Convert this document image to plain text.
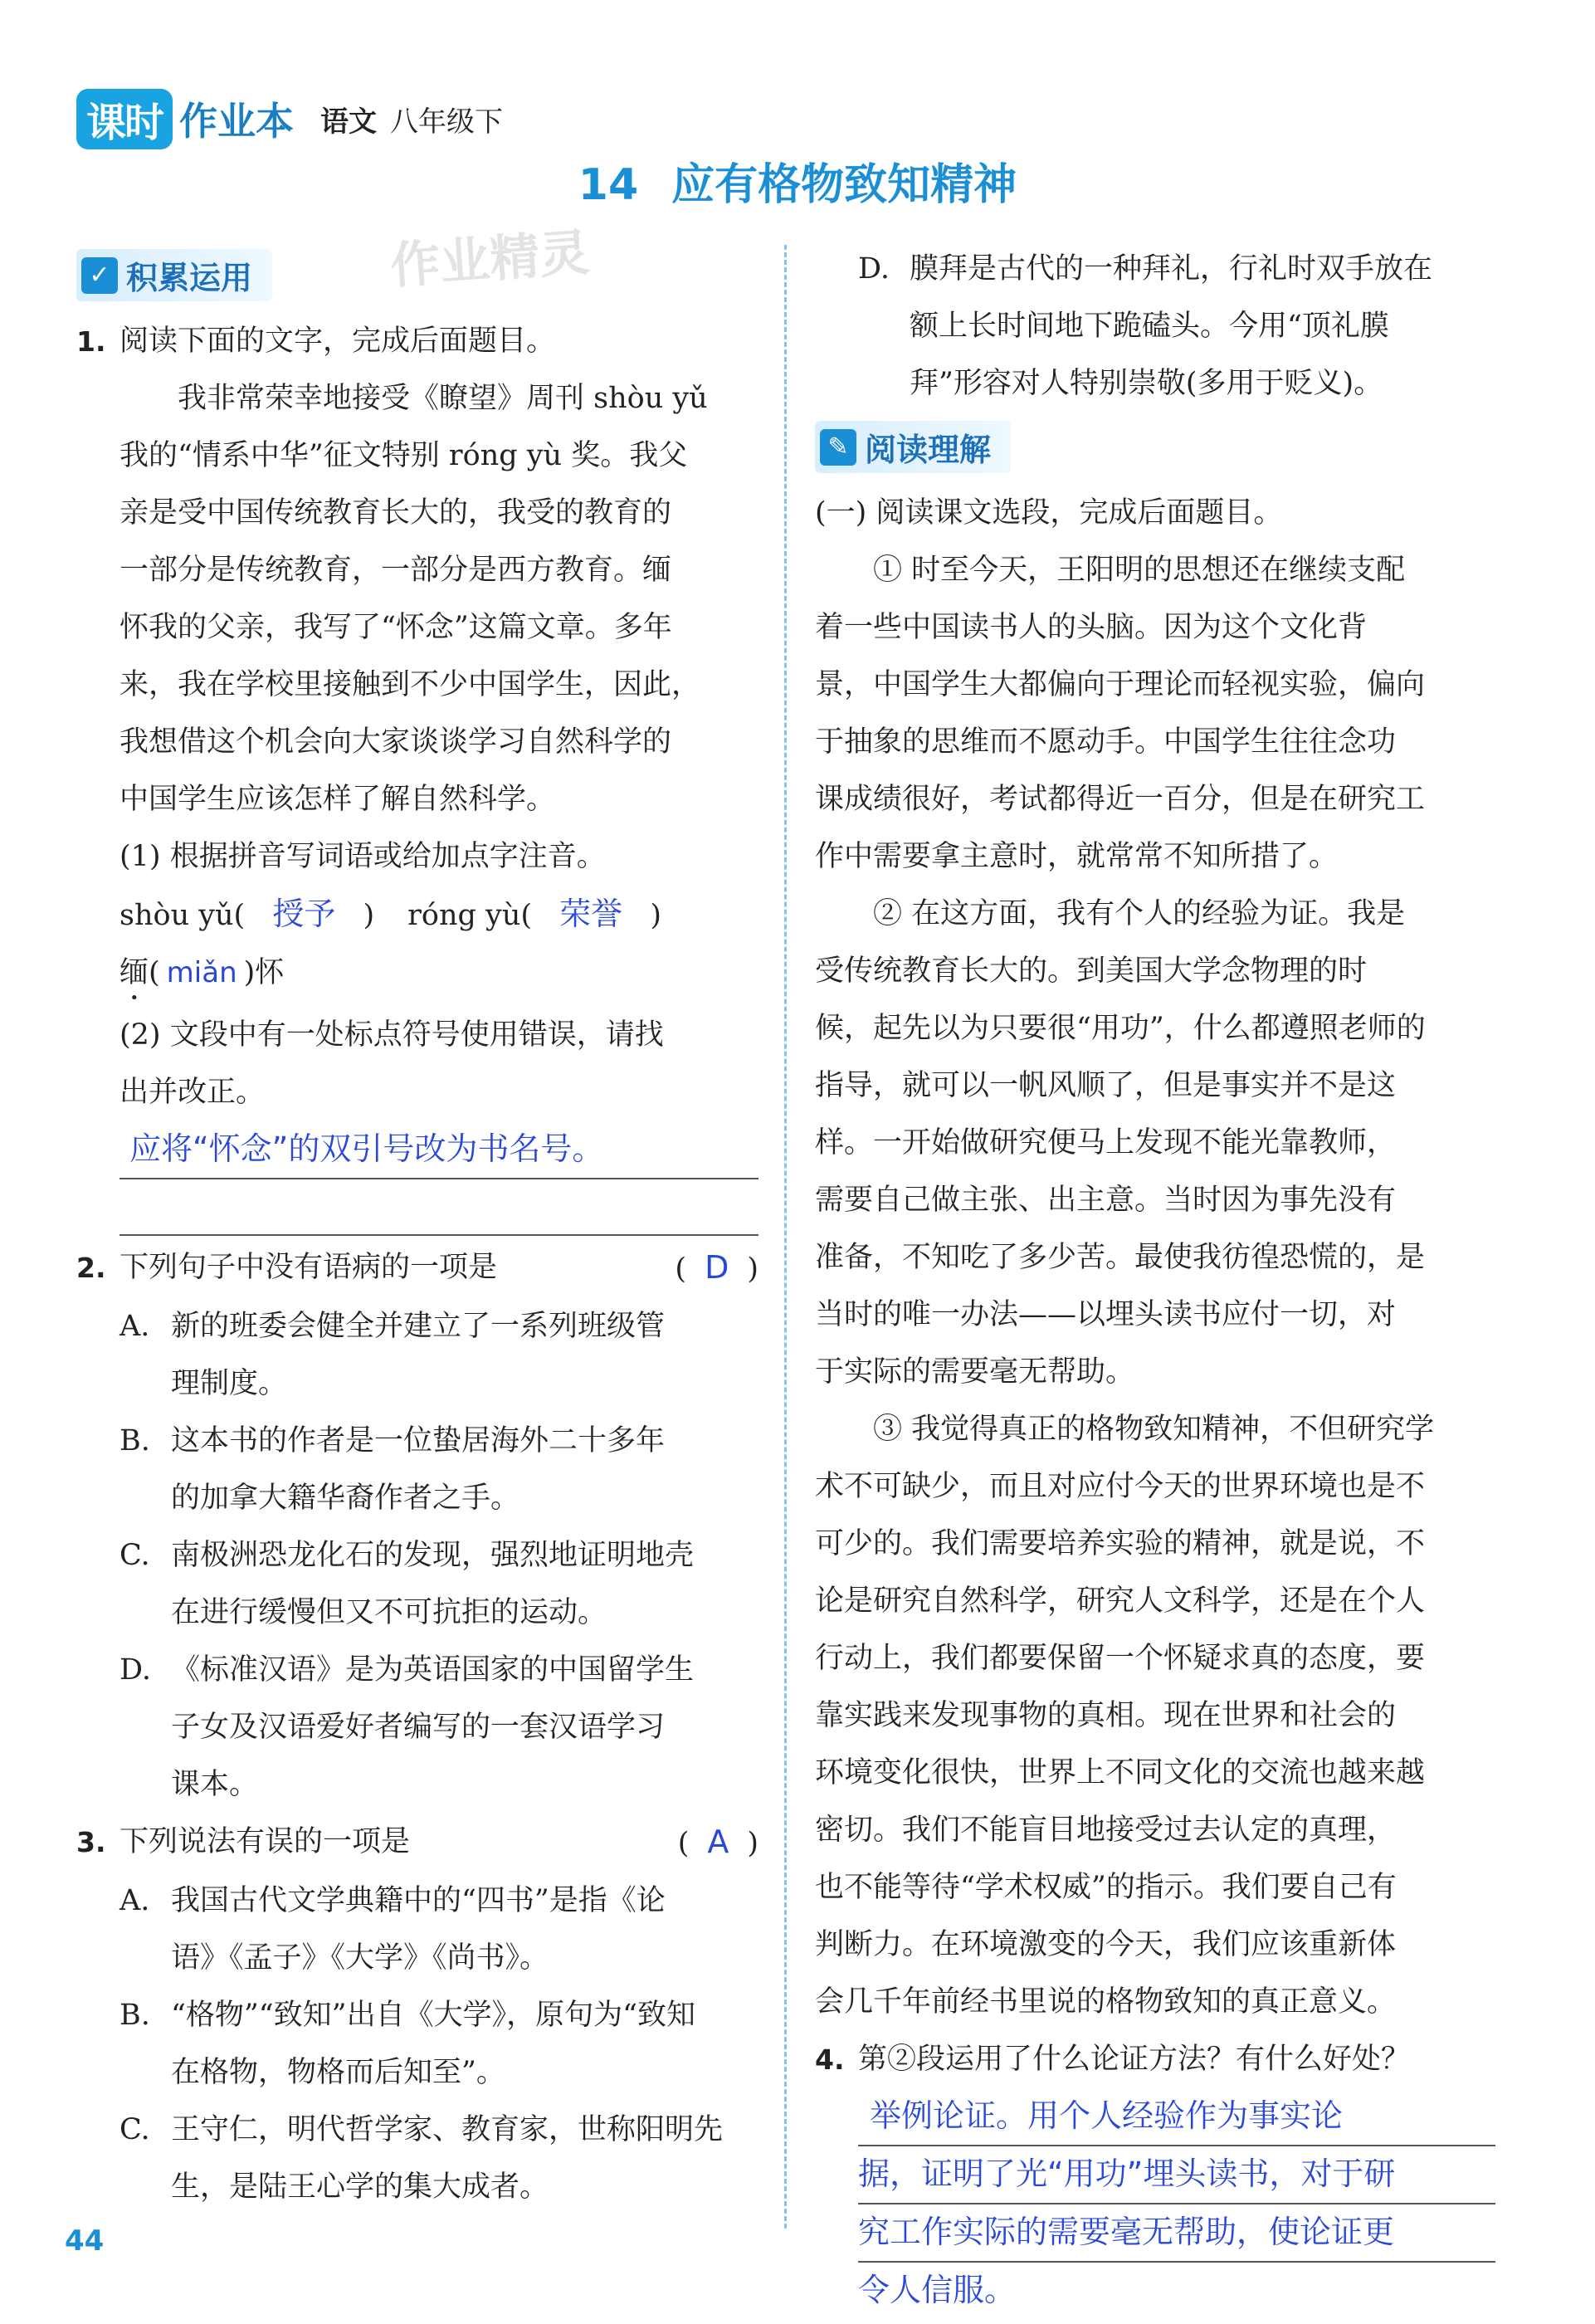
课时 作业本 语文 八年级下
14 应有格物致知精神
作业精灵
✓ 积累运用
1. 阅读下面的文字，完成后面题目。

我非常荣幸地接受《瞭望》周刊 shòu yǔ

我的“情系中华”征文特别 róng yù 奖。我父

亲是受中国传统教育长大的，我受的教育的

一部分是传统教育，一部分是西方教育。缅

怀我的父亲，我写了“怀念”这篇文章。多年

来，我在学校里接触到不少中国学生，因此，

我想借这个机会向大家谈谈学习自然科学的

中国学生应该怎样了解自然科学。

(1) 根据拼音写词语或给加点字注音。
shòu yǔ( 授予 ) róng yù( 荣誉 )
缅( miǎn )怀
(2) 文段中有一处标点符号使用错误，请找
出并改正。
应将“怀念”的双引号改为书名号。
2. 下列句子中没有语病的一项是	( D )
A. 新的班委会健全并建立了一系列班级管
理制度。
B. 这本书的作者是一位蛰居海外二十多年
的加拿大籍华裔作者之手。
C. 南极洲恐龙化石的发现，强烈地证明地壳
在进行缓慢但又不可抗拒的运动。
D. 《标准汉语》是为英语国家的中国留学生
子女及汉语爱好者编写的一套汉语学习
课本。
3. 下列说法有误的一项是	( A )
A. 我国古代文学典籍中的“四书”是指《论
语》《孟子》《大学》《尚书》。
B. “格物”“致知”出自《大学》，原句为“致知
在格物，物格而后知至”。
C. 王守仁，明代哲学家、教育家，世称阳明先
生，是陆王心学的集大成者。
D. 膜拜是古代的一种拜礼，行礼时双手放在
额上长时间地下跪磕头。今用“顶礼膜
拜”形容对人特别崇敬(多用于贬义)。
✎ 阅读理解

(一) 阅读课文选段，完成后面题目。

① 时至今天，王阳明的思想还在继续支配

着一些中国读书人的头脑。因为这个文化背

景，中国学生大都偏向于理论而轻视实验，偏向

于抽象的思维而不愿动手。中国学生往往念功

课成绩很好，考试都得近一百分，但是在研究工

作中需要拿主意时，就常常不知所措了。

② 在这方面，我有个人的经验为证。我是

受传统教育长大的。到美国大学念物理的时

候，起先以为只要很“用功”，什么都遵照老师的

指导，就可以一帆风顺了，但是事实并不是这

样。一开始做研究便马上发现不能光靠教师，

需要自己做主张、出主意。当时因为事先没有

准备，不知吃了多少苦。最使我彷徨恐慌的，是

当时的唯一办法——以埋头读书应付一切，对

于实际的需要毫无帮助。

③ 我觉得真正的格物致知精神，不但研究学

术不可缺少，而且对应付今天的世界环境也是不

可少的。我们需要培养实验的精神，就是说，不

论是研究自然科学，研究人文科学，还是在个人

行动上，我们都要保留一个怀疑求真的态度，要

靠实践来发现事物的真相。现在世界和社会的

环境变化很快，世界上不同文化的交流也越来越

密切。我们不能盲目地接受过去认定的真理，

也不能等待“学术权威”的指示。我们要自己有

判断力。在环境激变的今天，我们应该重新体

会几千年前经书里说的格物致知的真正意义。

4. 第②段运用了什么论证方法？有什么好处？
举例论证。用个人经验作为事实论
据，证明了光“用功”埋头读书，对于研
究工作实际的需要毫无帮助，使论证更
令人信服。
44
